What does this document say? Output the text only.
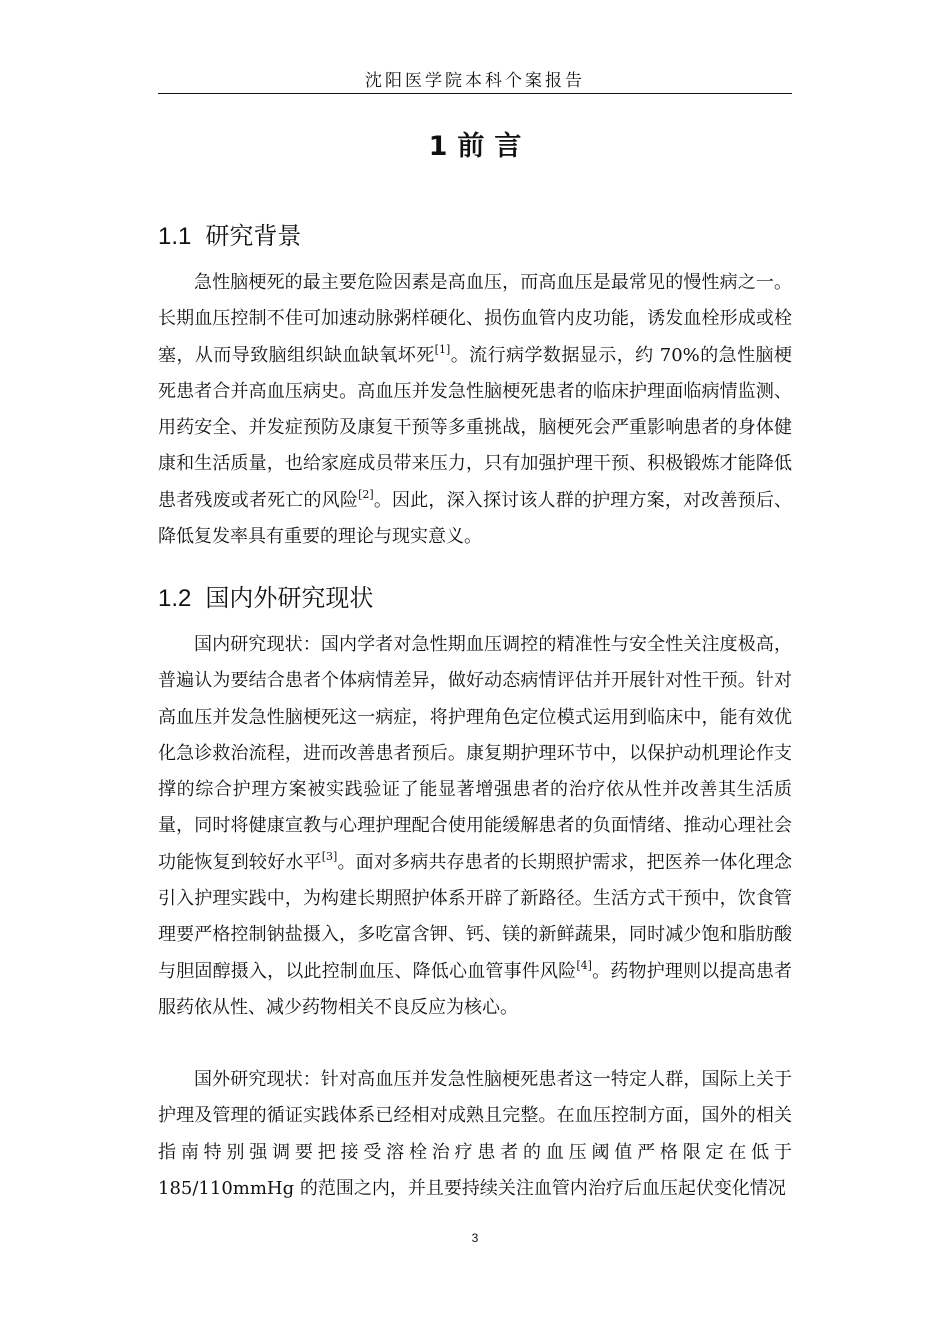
沈阳医学院本科个案报告
1 前 言
1.1 研究背景

急性脑梗死的最主要危险因素是高血压，而高血压是最常见的慢性病之一。长期血压控制不佳可加速动脉粥样硬化、损伤血管内皮功能，诱发血栓形成或栓塞，从而导致脑组织缺血缺氧坏死[1]。流行病学数据显示，约 70%的急性脑梗死患者合并高血压病史。高血压并发急性脑梗死患者的临床护理面临病情监测、用药安全、并发症预防及康复干预等多重挑战，脑梗死会严重影响患者的身体健康和生活质量，也给家庭成员带来压力，只有加强护理干预、积极锻炼才能降低患者残废或者死亡的风险[2]。因此，深入探讨该人群的护理方案，对改善预后、降低复发率具有重要的理论与现实意义。

1.2 国内外研究现状

国内研究现状：国内学者对急性期血压调控的精准性与安全性关注度极高，普遍认为要结合患者个体病情差异，做好动态病情评估并开展针对性干预。针对高血压并发急性脑梗死这一病症，将护理角色定位模式运用到临床中，能有效优化急诊救治流程，进而改善患者预后。康复期护理环节中，以保护动机理论作支撑的综合护理方案被实践验证了能显著增强患者的治疗依从性并改善其生活质量，同时将健康宣教与心理护理配合使用能缓解患者的负面情绪、推动心理社会功能恢复到较好水平[3]。面对多病共存患者的长期照护需求，把医养一体化理念引入护理实践中，为构建长期照护体系开辟了新路径。生活方式干预中，饮食管理要严格控制钠盐摄入，多吃富含钾、钙、镁的新鲜蔬果，同时减少饱和脂肪酸与胆固醇摄入，以此控制血压、降低心血管事件风险[4]。药物护理则以提高患者服药依从性、减少药物相关不良反应为核心。

国外研究现状：针对高血压并发急性脑梗死患者这一特定人群，国际上关于护理及管理的循证实践体系已经相对成熟且完整。在血压控制方面，国外的相关指南特别强调要把接受溶栓治疗患者的血压阈值严格限定在低于185/110mmHg 的范围之内，并且要持续关注血管内治疗后血压起伏变化情况

3
